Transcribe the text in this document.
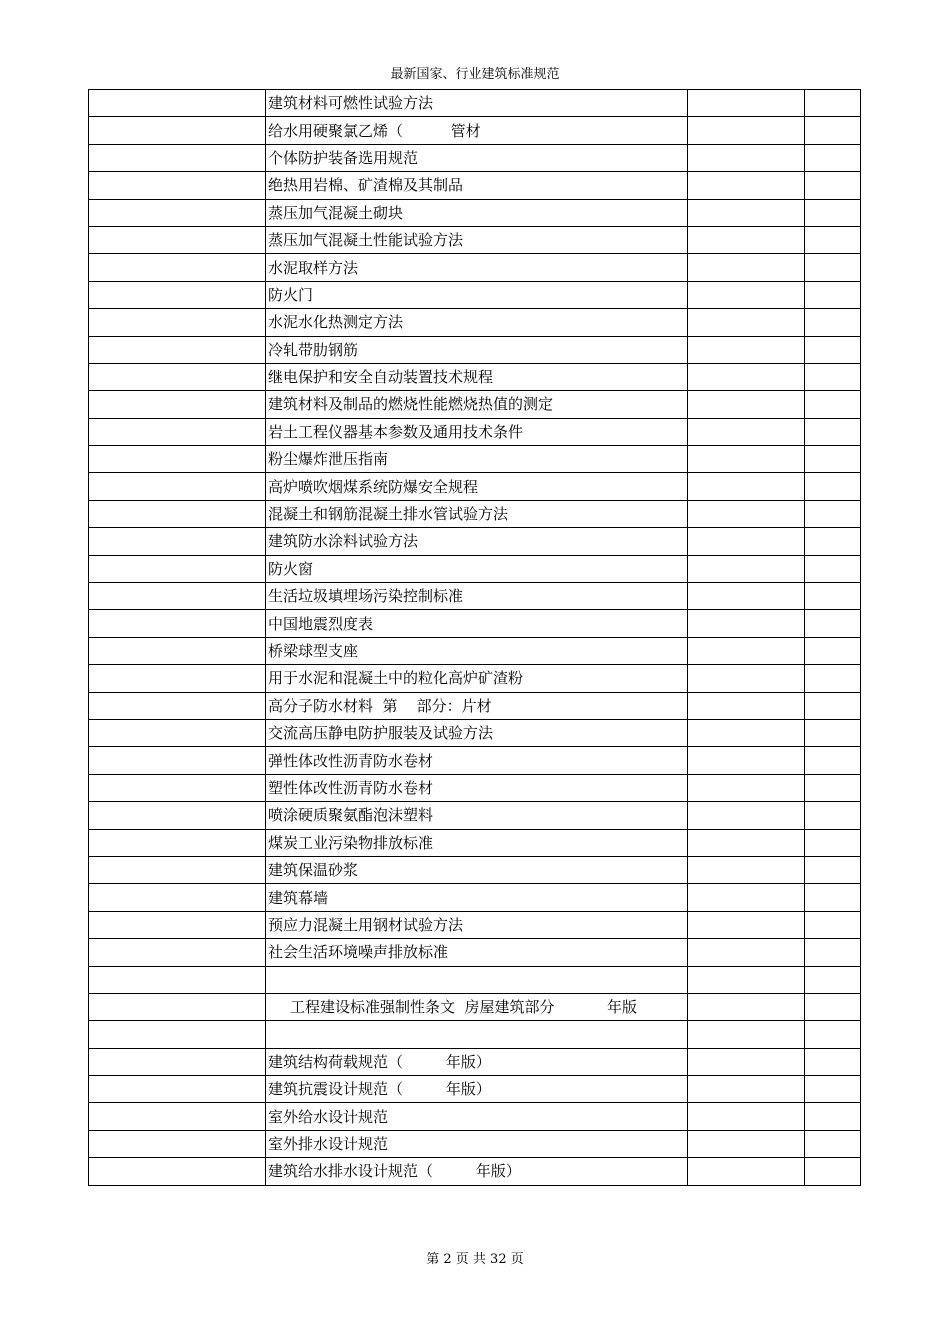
最新国家、行业建筑标准规范
	建筑材料可燃性试验方法		
	给水用硬聚氯乙烯（          管材		
	个体防护装备选用规范		
	绝热用岩棉、矿渣棉及其制品		
	蒸压加气混凝土砌块		
	蒸压加气混凝土性能试验方法		
	水泥取样方法		
	防火门		
	水泥水化热测定方法		
	冷轧带肋钢筋		
	继电保护和安全自动装置技术规程		
	建筑材料及制品的燃烧性能燃烧热值的测定		
	岩土工程仪器基本参数及通用技术条件		
	粉尘爆炸泄压指南		
	高炉喷吹烟煤系统防爆安全规程		
	混凝土和钢筋混凝土排水管试验方法		
	建筑防水涂料试验方法		
	防火窗		
	生活垃圾填埋场污染控制标准		
	中国地震烈度表		
	桥梁球型支座		
	用于水泥和混凝土中的粒化高炉矿渣粉		
	高分子防水材料  第    部分：片材		
	交流高压静电防护服装及试验方法		
	弹性体改性沥青防水卷材		
	塑性体改性沥青防水卷材		
	喷涂硬质聚氨酯泡沫塑料		
	煤炭工业污染物排放标准		
	建筑保温砂浆		
	建筑幕墙		
	预应力混凝土用钢材试验方法		
	社会生活环境噪声排放标准		

	工程建设标准强制性条文  房屋建筑部分           年版		

	建筑结构荷载规范（         年版）		
	建筑抗震设计规范（         年版）		
	室外给水设计规范		
	室外排水设计规范		
	建筑给水排水设计规范（         年版）		
第 2 页 共 32 页
